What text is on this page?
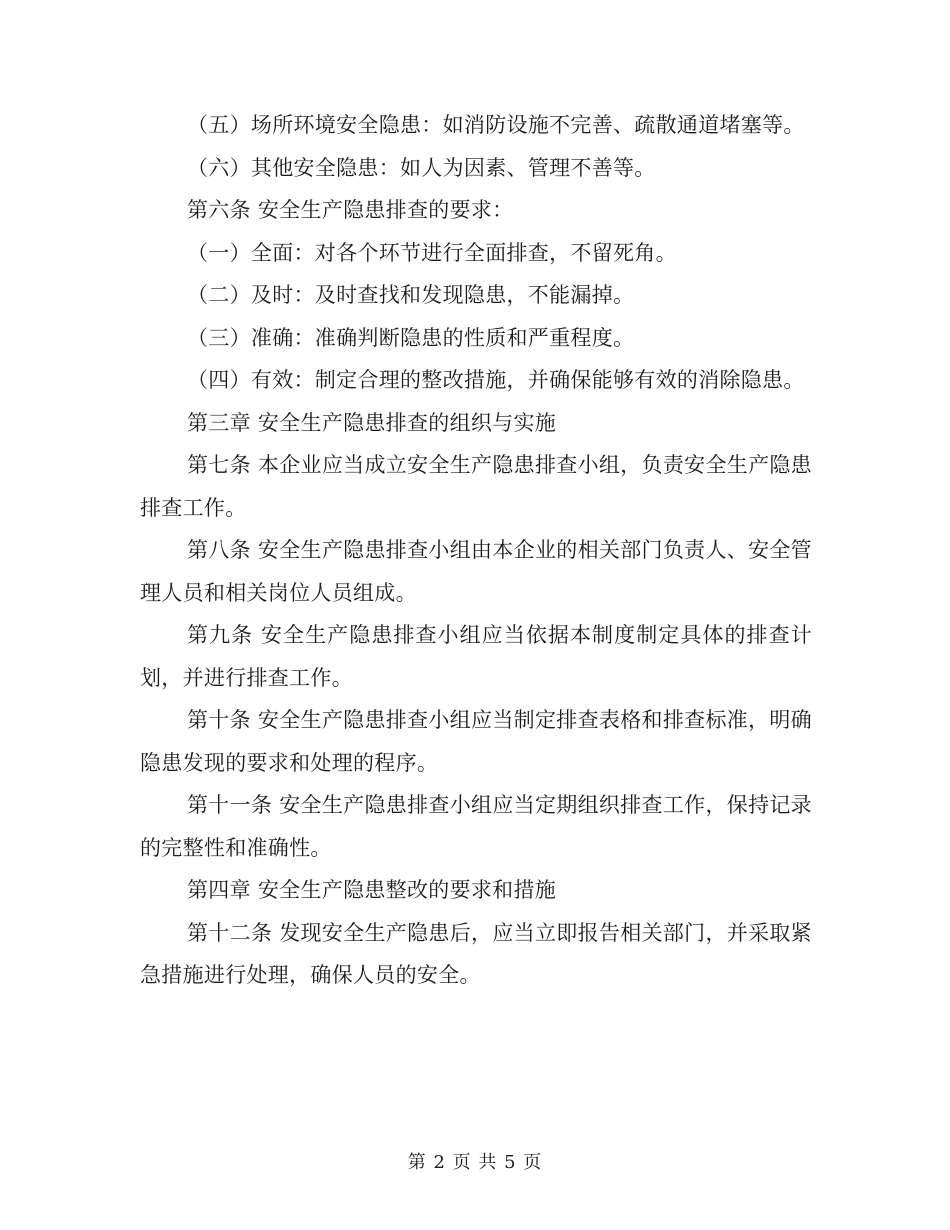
（五）场所环境安全隐患：如消防设施不完善、疏散通道堵塞等。

（六）其他安全隐患：如人为因素、管理不善等。

第六条 安全生产隐患排查的要求：

（一）全面：对各个环节进行全面排查，不留死角。

（二）及时：及时查找和发现隐患，不能漏掉。

（三）准确：准确判断隐患的性质和严重程度。

（四）有效：制定合理的整改措施，并确保能够有效的消除隐患。

第三章 安全生产隐患排查的组织与实施

第七条 本企业应当成立安全生产隐患排查小组，负责安全生产隐患排查工作。

第八条 安全生产隐患排查小组由本企业的相关部门负责人、安全管理人员和相关岗位人员组成。

第九条 安全生产隐患排查小组应当依据本制度制定具体的排查计划，并进行排查工作。

第十条 安全生产隐患排查小组应当制定排查表格和排查标准，明确隐患发现的要求和处理的程序。

第十一条 安全生产隐患排查小组应当定期组织排查工作，保持记录的完整性和准确性。

第四章 安全生产隐患整改的要求和措施

第十二条 发现安全生产隐患后，应当立即报告相关部门，并采取紧急措施进行处理，确保人员的安全。

第 2 页 共 5 页
